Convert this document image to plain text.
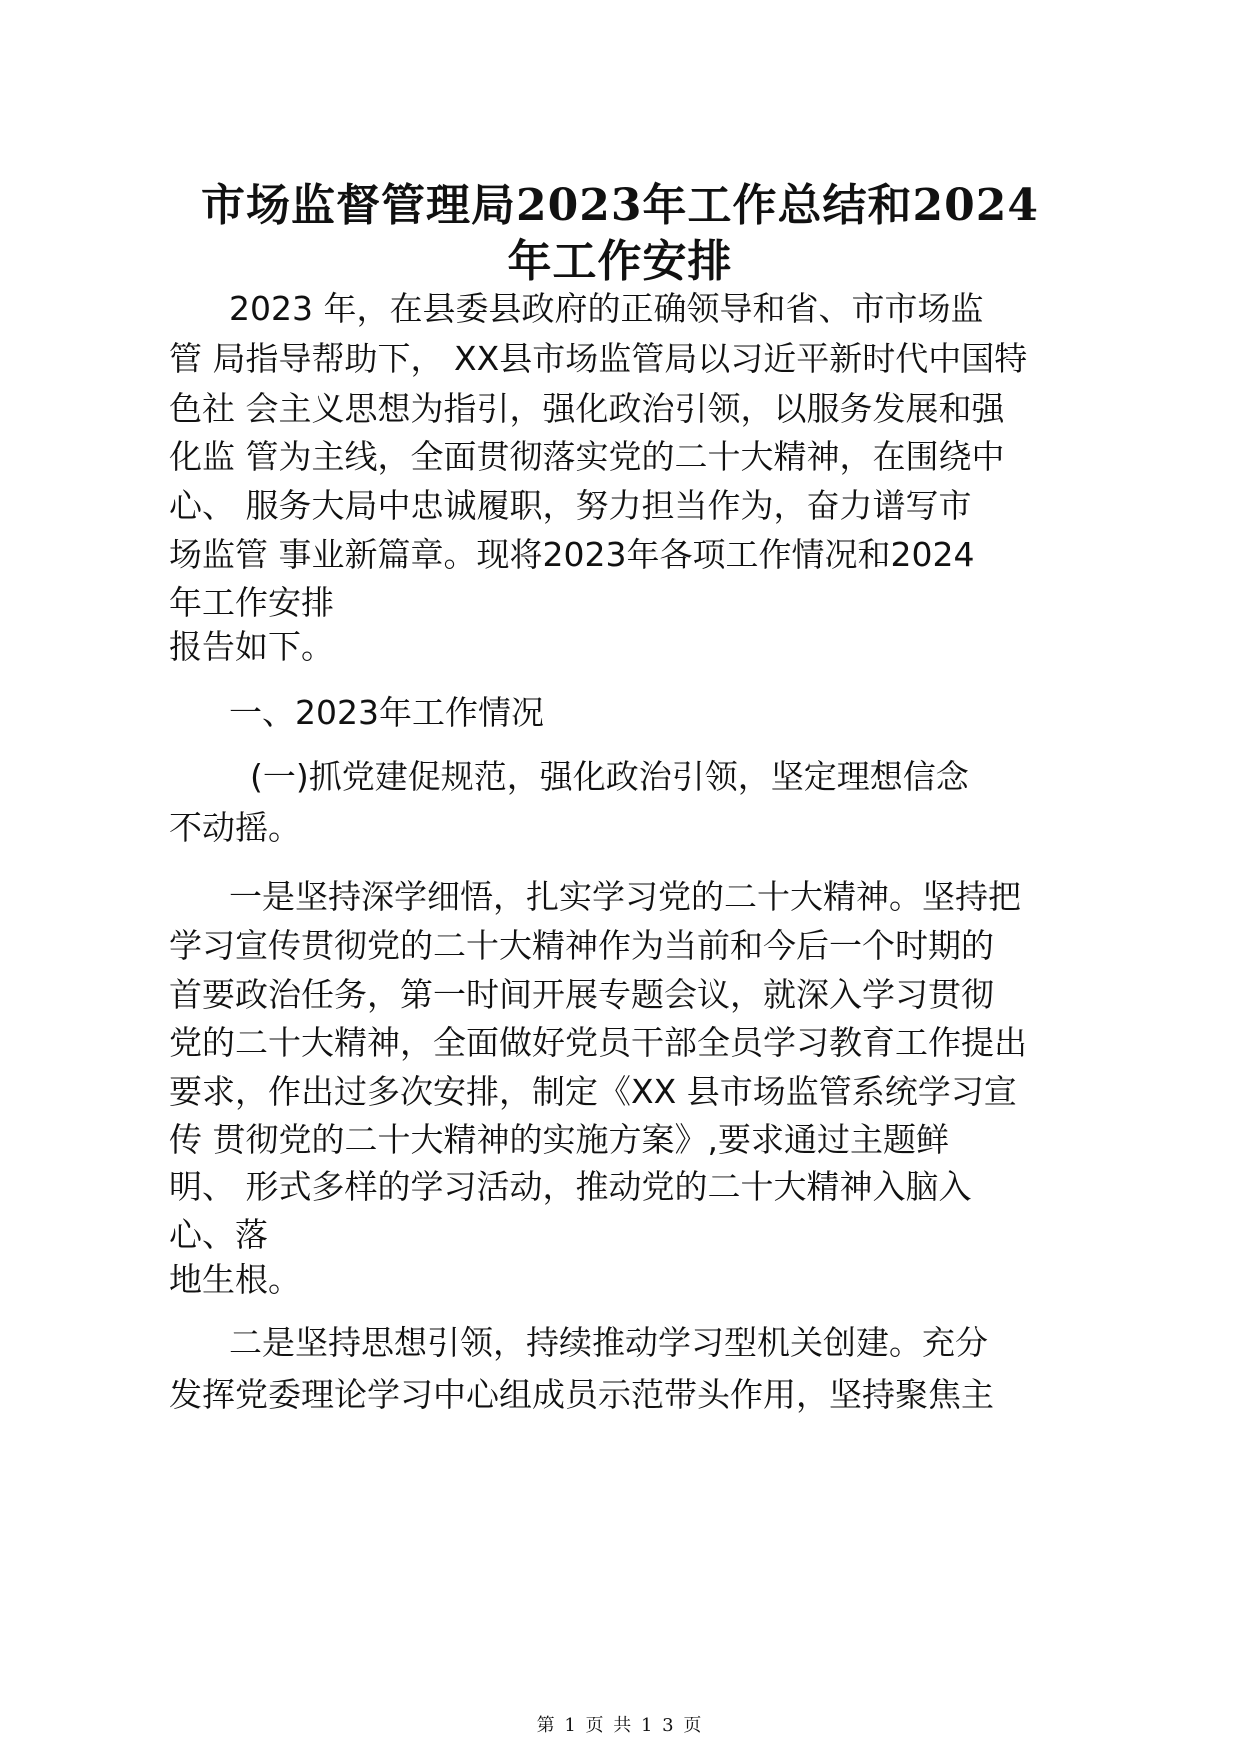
市场监督管理局2023年工作总结和2024
年工作安排
2023 年，在县委县政府的正确领导和省、市市场监
管 局指导帮助下， XX县市场监管局以习近平新时代中国特
色社 会主义思想为指引，强化政治引领，以服务发展和强
化监 管为主线，全面贯彻落实党的二十大精神，在围绕中
心、 服务大局中忠诚履职，努力担当作为，奋力谱写市
场监管 事业新篇章。现将2023年各项工作情况和2024
年工作安排
报告如下。
一、2023年工作情况
(一)抓党建促规范，强化政治引领，坚定理想信念
不动摇。
一是坚持深学细悟，扎实学习党的二十大精神。坚持把
学习宣传贯彻党的二十大精神作为当前和今后一个时期的
首要政治任务，第一时间开展专题会议，就深入学习贯彻
党的二十大精神，全面做好党员干部全员学习教育工作提出
要求，作出过多次安排，制定《XX 县市场监管系统学习宣
传 贯彻党的二十大精神的实施方案》,要求通过主题鲜
明、 形式多样的学习活动，推动党的二十大精神入脑入
心、落
地生根。
二是坚持思想引领，持续推动学习型机关创建。充分
发挥党委理论学习中心组成员示范带头作用，坚持聚焦主
第 1 页 共 1 3 页
